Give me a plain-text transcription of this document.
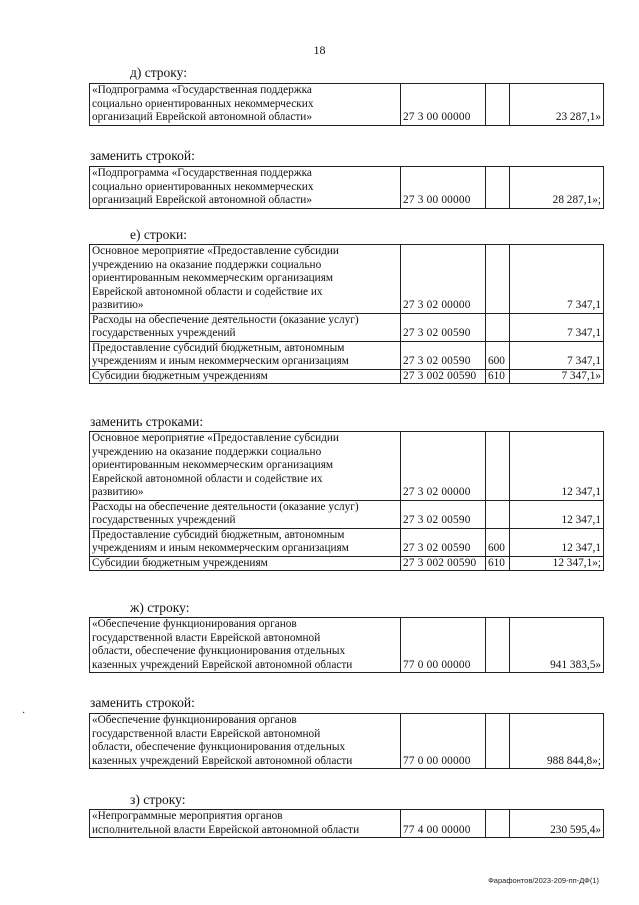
18
д) строку:
«Подпрограмма «Государственная поддержка
социально ориентированных некоммерческих
организаций Еврейской автономной области»	27 3 00 00000		23 287,1»
заменить строкой:
«Подпрограмма «Государственная поддержка
социально ориентированных некоммерческих
организаций Еврейской автономной области»	27 3 00 00000		28 287,1»;
е) строки:
Основное мероприятие «Предоставление субсидии
учреждению на оказание поддержки социально
ориентированным некоммерческим организациям
Еврейской автономной области и содействие их
развитию»	27 3 02 00000		7 347,1

Расходы на обеспечение деятельности (оказание услуг)
государственных учреждений	27 3 02 00590		7 347,1

Предоставление субсидий бюджетным, автономным
учреждениям и иным некоммерческим организациям	27 3 02 00590	600	7 347,1

Субсидии бюджетным учреждениям	27 3 002 00590	610	7 347,1»
заменить строками:
Основное мероприятие «Предоставление субсидии
учреждению на оказание поддержки социально
ориентированным некоммерческим организациям
Еврейской автономной области и содействие их
развитию»	27 3 02 00000		12 347,1

Расходы на обеспечение деятельности (оказание услуг)
государственных учреждений	27 3 02 00590		12 347,1

Предоставление субсидий бюджетным, автономным
учреждениям и иным некоммерческим организациям	27 3 02 00590	600	12 347,1

Субсидии бюджетным учреждениям	27 3 002 00590	610	12 347,1»;
ж) строку:
«Обеспечение функционирования органов
государственной власти Еврейской автономной
области, обеспечение функционирования отдельных
казенных учреждений Еврейской автономной области	77 0 00 00000		941 383,5»
·
заменить строкой:
«Обеспечение функционирования органов
государственной власти Еврейской автономной
области, обеспечение функционирования отдельных
казенных учреждений Еврейской автономной области	77 0 00 00000		988 844,8»;
з) строку:
«Непрограммные мероприятия органов
исполнительной власти Еврейской автономной области	77 4 00 00000		230 595,4»
Фарафонтов/2023-209-пп-ДФ(1)
